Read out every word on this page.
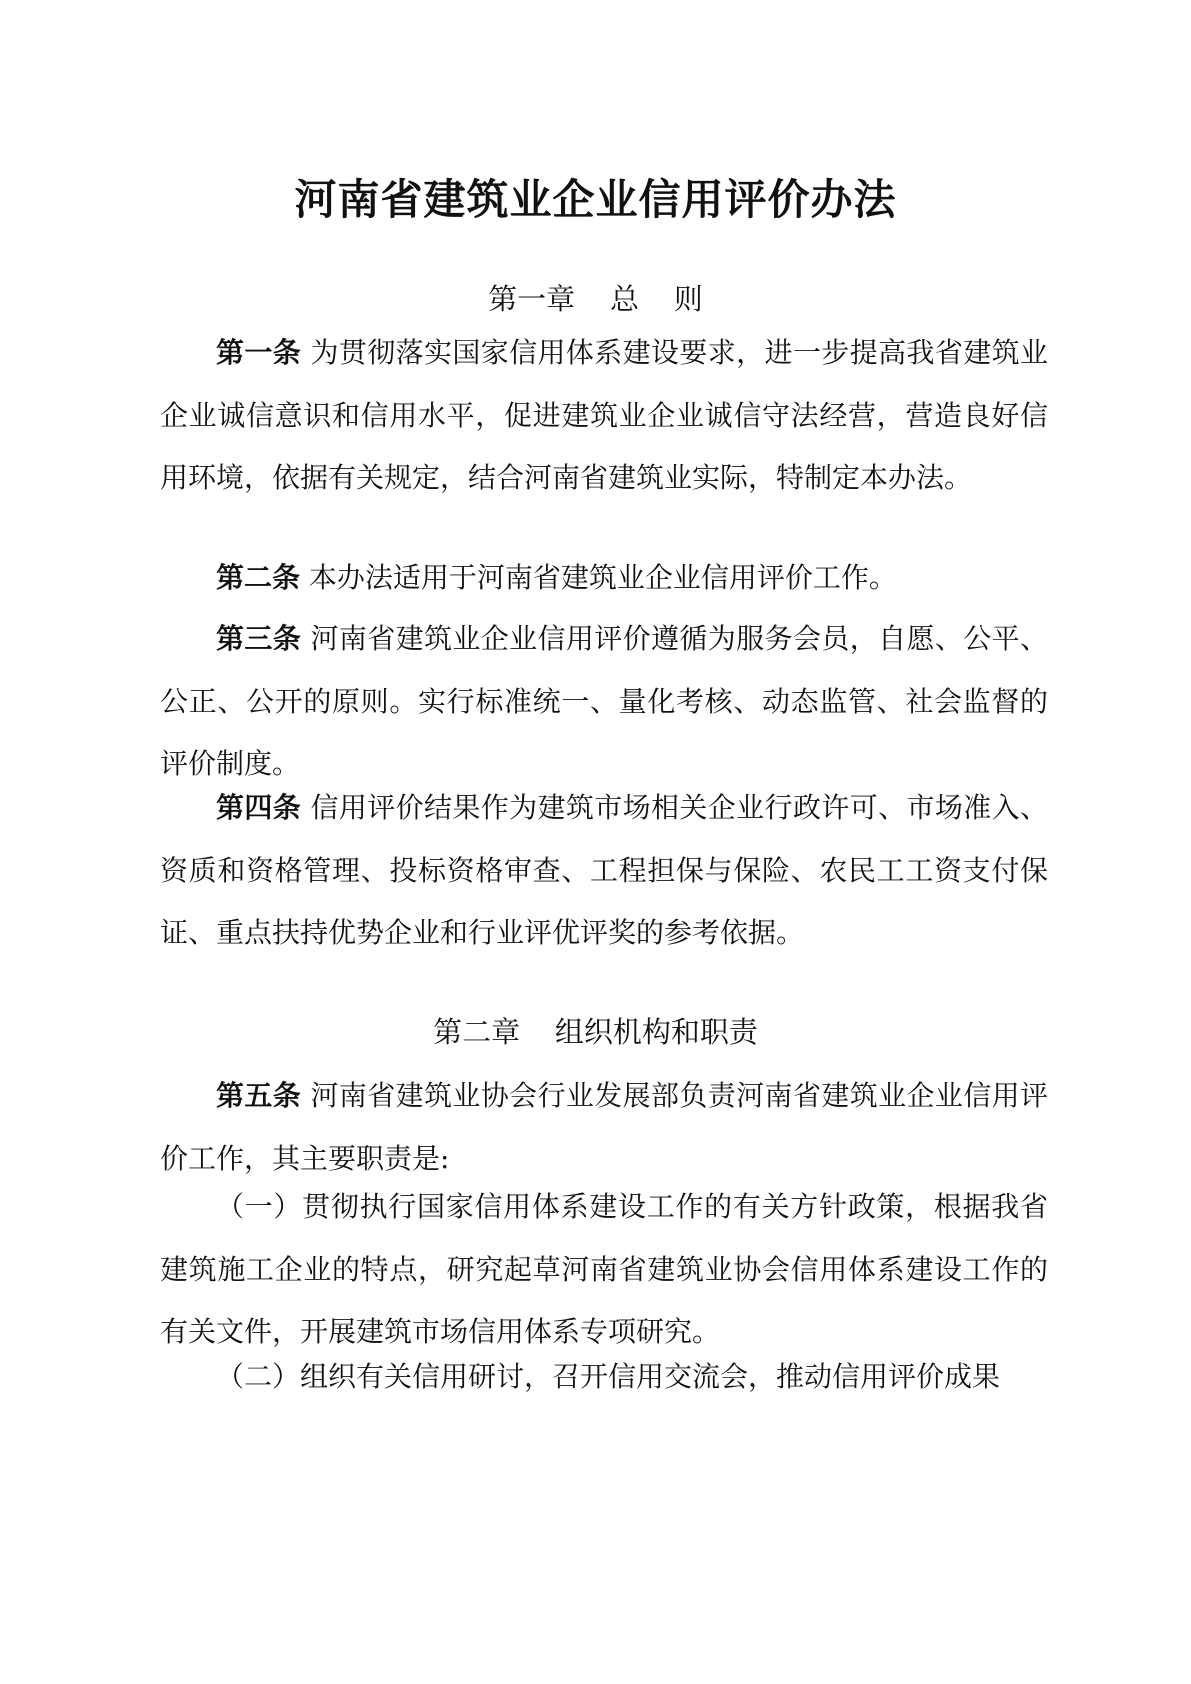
河南省建筑业企业信用评价办法
第一章 总 则

第一条 为贯彻落实国家信用体系建设要求，进一步提高我省建筑业企业诚信意识和信用水平，促进建筑业企业诚信守法经营，营造良好信用环境，依据有关规定，结合河南省建筑业实际，特制定本办法。

第二条 本办法适用于河南省建筑业企业信用评价工作。

第三条 河南省建筑业企业信用评价遵循为服务会员，自愿、公平、公正、公开的原则。实行标准统一、量化考核、动态监管、社会监督的评价制度。

第四条 信用评价结果作为建筑市场相关企业行政许可、市场准入、资质和资格管理、投标资格审查、工程担保与保险、农民工工资支付保证、重点扶持优势企业和行业评优评奖的参考依据。

第二章 组织机构和职责

第五条 河南省建筑业协会行业发展部负责河南省建筑业企业信用评价工作，其主要职责是:

（一）贯彻执行国家信用体系建设工作的有关方针政策，根据我省建筑施工企业的特点，研究起草河南省建筑业协会信用体系建设工作的有关文件，开展建筑市场信用体系专项研究。

（二）组织有关信用研讨，召开信用交流会，推动信用评价成果
